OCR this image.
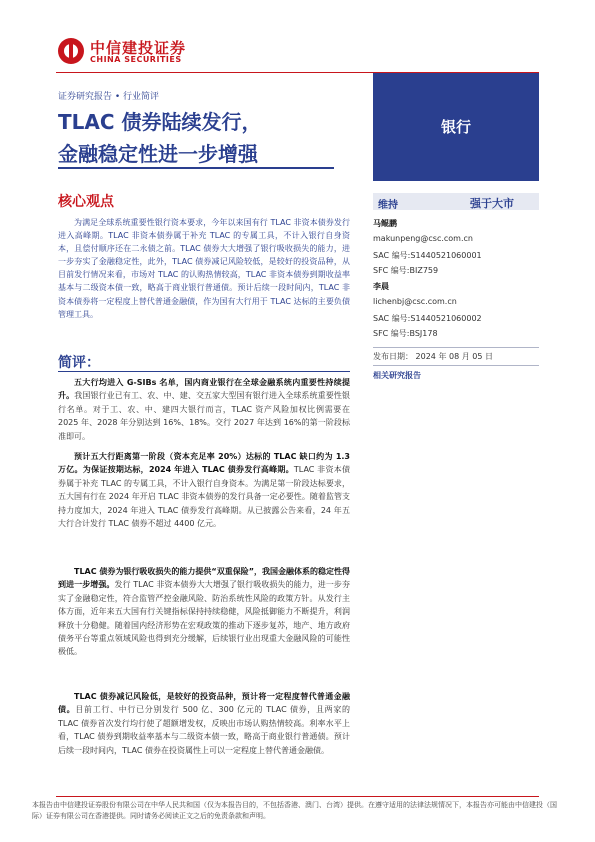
中信建投证券
CHINA SECURITIES
证券研究报告 • 行业简评
TLAC 债券陆续发行，
金融稳定性进一步增强
银行
核心观点

为满足全球系统重要性银行资本要求，今年以来国有行 TLAC 非资本债券发行进入高峰期。TLAC 非资本债券属于补充 TLAC 的专属工具，不计入银行自身资本，且偿付顺序还在二永债之前。TLAC 债券大大增强了银行吸收损失的能力，进一步夯实了金融稳定性，此外，TLAC 债券减记风险较低，是较好的投资品种，从目前发行情况来看，市场对 TLAC 的认购热情较高，TLAC 非资本债券到期收益率基本与二级资本债一致，略高于商业银行普通债。预计后续一段时间内，TLAC 非资本债券将一定程度上替代普通金融债，作为国有大行用于 TLAC 达标的主要负债管理工具。

简评：

五大行均进入 G-SIBs 名单，国内商业银行在全球金融系统内重要性持续提升。我国银行业已有工、农、中、建、交五家大型国有银行进入全球系统重要性银行名单。对于工、农、中、建四大银行而言，TLAC 资产风险加权比例需要在 2025 年、2028 年分别达到 16%、18%。交行 2027 年达到 16%的第一阶段标准即可。

预计五大行距离第一阶段（资本充足率 20%）达标的 TLAC 缺口约为 1.3 万亿。为保证按期达标，2024 年进入 TLAC 债券发行高峰期。TLAC 非资本债券属于补充 TLAC 的专属工具，不计入银行自身资本。为满足第一阶段达标要求，五大国有行在 2024 年开启 TLAC 非资本债券的发行具备一定必要性。随着监管支持力度加大，2024 年进入 TLAC 债券发行高峰期。从已披露公告来看，24 年五大行合计发行 TLAC 债券不超过 4400 亿元。

TLAC 债券为银行吸收损失的能力提供“双重保险”，我国金融体系的稳定性得到进一步增强。发行 TLAC 非资本债券大大增强了银行吸收损失的能力，进一步夯实了金融稳定性，符合监管严控金融风险、防治系统性风险的政策方针。从发行主体方面，近年来五大国有行关键指标保持持续稳健，风险抵御能力不断提升，利润释放十分稳健。随着国内经济形势在宏观政策的推动下逐步复苏，地产、地方政府债务平台等重点领域风险也得到充分缓解，后续银行业出现重大金融风险的可能性极低。

TLAC 债券减记风险低，是较好的投资品种，预计将一定程度替代普通金融债。目前工行、中行已分别发行 500 亿、300 亿元的 TLAC 债券，且两家的 TLAC 债券首次发行均行使了超额增发权，反映出市场认购热情较高。利率水平上看，TLAC 债券到期收益率基本与二级资本债一致，略高于商业银行普通债。预计后续一段时间内，TLAC 债券在投资属性上可以一定程度上替代普通金融债。

维持	强于大市
马鲲鹏
makunpeng@csc.com.cn
SAC 编号:S1440521060001
SFC 编号:BIZ759
李晨
lichenbj@csc.com.cn
SAC 编号:S1440521060002
SFC 编号:BSJ178
发布日期： 2024 年 08 月 05 日
相关研究报告

本报告由中信建投证券股份有限公司在中华人民共和国（仅为本报告目的，不包括香港、澳门、台湾）提供。在遵守适用的法律法规情况下，本报告亦可能由中信建投（国际）证券有限公司在香港提供。同时请务必阅读正文之后的免责条款和声明。
